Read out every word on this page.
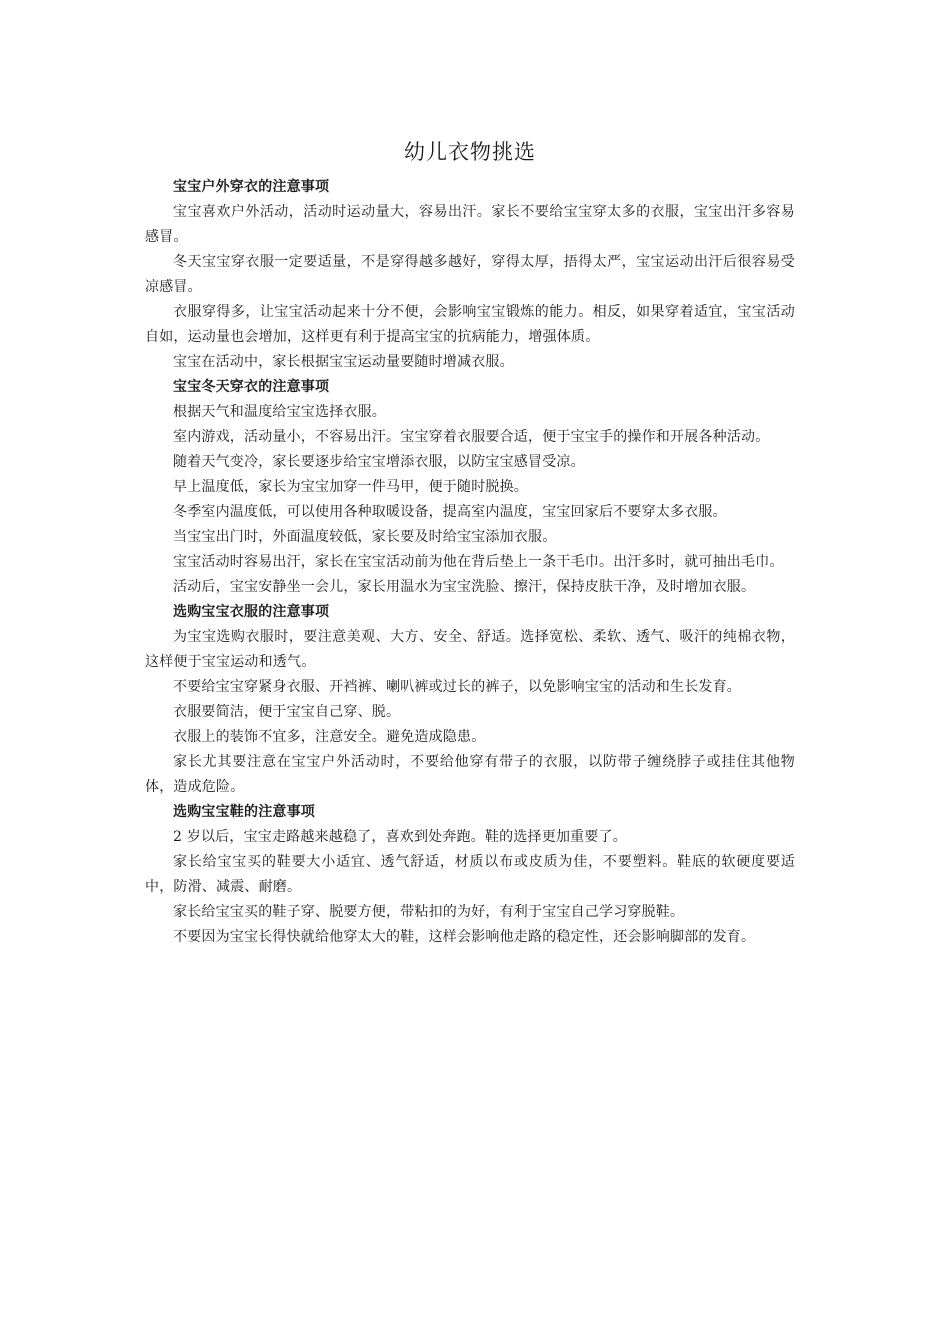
幼儿衣物挑选

宝宝户外穿衣的注意事项

宝宝喜欢户外活动，活动时运动量大，容易出汗。家长不要给宝宝穿太多的衣服，宝宝出汗多容易感冒。

冬天宝宝穿衣服一定要适量，不是穿得越多越好，穿得太厚，捂得太严，宝宝运动出汗后很容易受凉感冒。

衣服穿得多，让宝宝活动起来十分不便，会影响宝宝锻炼的能力。相反，如果穿着适宜，宝宝活动自如，运动量也会增加，这样更有利于提高宝宝的抗病能力，增强体质。

宝宝在活动中，家长根据宝宝运动量要随时增减衣服。

宝宝冬天穿衣的注意事项

根据天气和温度给宝宝选择衣服。

室内游戏，活动量小，不容易出汗。宝宝穿着衣服要合适，便于宝宝手的操作和开展各种活动。

随着天气变冷，家长要逐步给宝宝增添衣服，以防宝宝感冒受凉。

早上温度低，家长为宝宝加穿一件马甲，便于随时脱换。

冬季室内温度低，可以使用各种取暖设备，提高室内温度，宝宝回家后不要穿太多衣服。

当宝宝出门时，外面温度较低，家长要及时给宝宝添加衣服。

宝宝活动时容易出汗，家长在宝宝活动前为他在背后垫上一条干毛巾。出汗多时，就可抽出毛巾。

活动后，宝宝安静坐一会儿，家长用温水为宝宝洗脸、擦汗，保持皮肤干净，及时增加衣服。

选购宝宝衣服的注意事项

为宝宝选购衣服时，要注意美观、大方、安全、舒适。选择宽松、柔软、透气、吸汗的纯棉衣物，这样便于宝宝运动和透气。

不要给宝宝穿紧身衣服、开裆裤、喇叭裤或过长的裤子，以免影响宝宝的活动和生长发育。

衣服要简洁，便于宝宝自己穿、脱。

衣服上的装饰不宜多，注意安全。避免造成隐患。

家长尤其要注意在宝宝户外活动时，不要给他穿有带子的衣服，以防带子缠绕脖子或挂住其他物体，造成危险。

选购宝宝鞋的注意事项

2 岁以后，宝宝走路越来越稳了，喜欢到处奔跑。鞋的选择更加重要了。

家长给宝宝买的鞋要大小适宜、透气舒适，材质以布或皮质为佳，不要塑料。鞋底的软硬度要适中，防滑、减震、耐磨。

家长给宝宝买的鞋子穿、脱要方便，带粘扣的为好，有利于宝宝自己学习穿脱鞋。

不要因为宝宝长得快就给他穿太大的鞋，这样会影响他走路的稳定性，还会影响脚部的发育。
